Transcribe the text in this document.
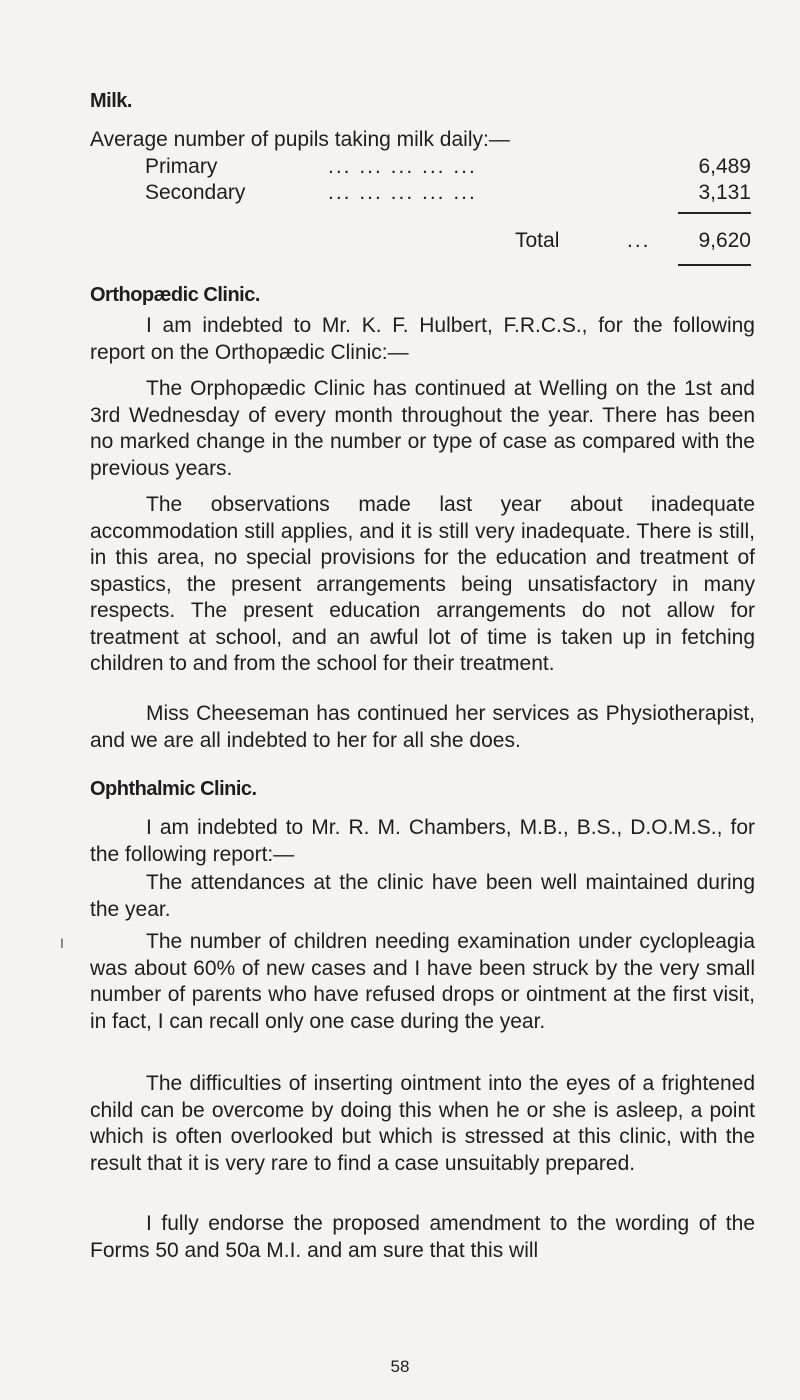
Milk.
Average number of pupils taking milk daily:—
Primary	... ... ... ... ...	6,489
Secondary	... ... ... ... ...	3,131
Total	... 9,620
Orthopædic Clinic.

I am indebted to Mr. K. F. Hulbert, F.R.C.S., for the following report on the Orthopædic Clinic:—

The Orphopædic Clinic has continued at Welling on the 1st and 3rd Wednesday of every month throughout the year. There has been no marked change in the number or type of case as compared with the previous years.

The observations made last year about inadequate accommodation still applies, and it is still very inadequate. There is still, in this area, no special provisions for the education and treatment of spastics, the present arrangements being unsatisfactory in many respects. The present education arrangements do not allow for treatment at school, and an awful lot of time is taken up in fetching children to and from the school for their treatment.

Miss Cheeseman has continued her services as Physiotherapist, and we are all indebted to her for all she does.

Ophthalmic Clinic.

I am indebted to Mr. R. M. Chambers, M.B., B.S., D.O.M.S., for the following report:—

The attendances at the clinic have been well maintained during the year.

I	The number of children needing examination under cyclopleagia was about 60% of new cases and I have been struck by the very small number of parents who have refused drops or ointment at the first visit, in fact, I can recall only one case during the year.

The difficulties of inserting ointment into the eyes of a frightened child can be overcome by doing this when he or she is asleep, a point which is often overlooked but which is stressed at this clinic, with the result that it is very rare to find a case unsuitably prepared.

I fully endorse the proposed amendment to the wording of the Forms 50 and 50a M.I. and am sure that this will

58
